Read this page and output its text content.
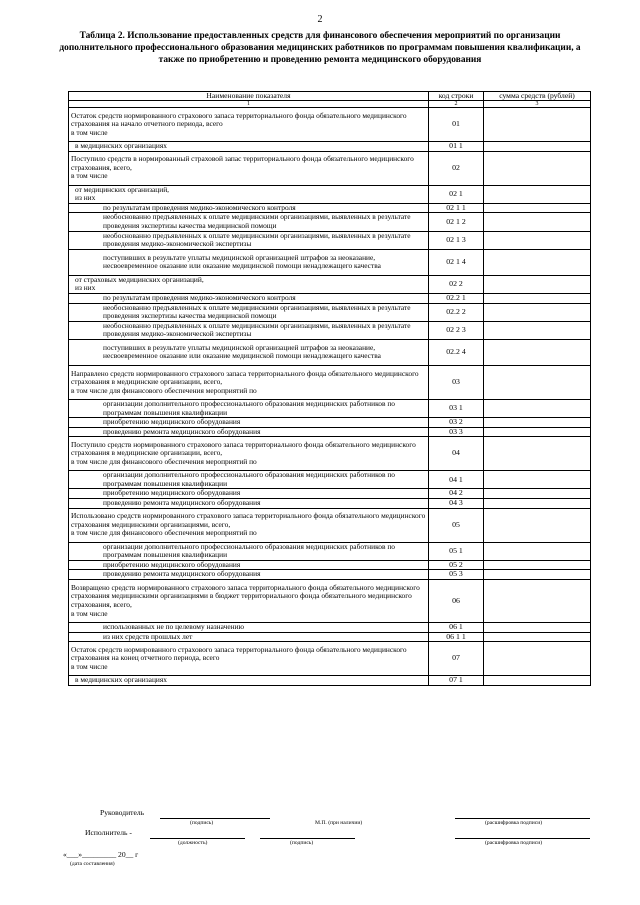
2
Таблица 2. Использование предоставленных средств для финансового обеспечения мероприятий по организации дополнительного профессионального образования медицинских работников по программам повышения квалификации, а также по приобретению и проведению ремонта медицинского оборудования
Наименование показателя	код строки	сумма средств (рублей)
1	2	3
Остаток средств нормированного страхового запаса территориального фонда обязательного медицинского страхования на начало отчетного периода, всего
в том числе	01	
в медицинских организациях	01 1	
Поступило средств в нормированный страховой запас территориального фонда обязательного медицинского страхования, всего,
в том числе	02	
от медицинских организаций,
из них	02 1	
по результатам проведения медико-экономического контроля	02 1 1	
необоснованно предъявленных к оплате медицинскими организациями, выявленных в результате проведения экспертизы качества медицинской помощи	02 1 2	
необоснованно предъявленных к оплате медицинскими организациями, выявленных в результате проведения медико-экономической экспертизы	02 1 3	
поступивших в результате уплаты медицинской организацией штрафов за неоказание, несвоевременное оказание или оказание медицинской помощи ненадлежащего качества	02 1 4	
от страховых медицинских организаций,
из них	02 2	
по результатам проведения медико-экономического контроля	02.2 1	
необоснованно предъявленных к оплате медицинскими организациями, выявленных в результате проведения экспертизы качества медицинской помощи	02.2 2	
необоснованно предъявленных к оплате медицинскими организациями, выявленных в результате проведения медико-экономической экспертизы	02 2 3	
поступивших в результате уплаты медицинской организацией штрафов за неоказание, несвоевременное оказание или оказание медицинской помощи ненадлежащего качества	02.2 4	
Направлено средств нормированного страхового запаса территориального фонда обязательного медицинского страхования в медицинские организации, всего,
в том числе для финансового обеспечения мероприятий по	03	
организации дополнительного профессионального образования медицинских работников по программам повышения квалификации	03 1	
приобретению медицинского оборудования	03 2	
проведению ремонта медицинского оборудования	03 3	
Поступило средств нормированного страхового запаса территориального фонда обязательного медицинского страхования в медицинские организации, всего,
в том числе для финансового обеспечения мероприятий по	04	
организации дополнительного профессионального образования медицинских работников по программам повышения квалификации	04 1	
приобретению медицинского оборудования	04 2	
проведению ремонта медицинского оборудования	04 3	
Использовано средств нормированного страхового запаса территориального фонда обязательного медицинского страхования медицинскими организациями, всего,
в том числе для финансового обеспечения мероприятий по	05	
организации дополнительного профессионального образования медицинских работников по программам повышения квалификации	05 1	
приобретению медицинского оборудования	05 2	
проведению ремонта медицинского оборудования	05 3	
Возвращено средств нормированного страхового запаса территориального фонда обязательного медицинского страхования медицинскими организациями в бюджет территориального фонда обязательного медицинского страхования, всего,
в том числе	06	
использованных не по целевому назначению	06 1	
из них средств прошлых лет	06 1 1	
Остаток средств нормированного страхового запаса территориального фонда обязательного медицинского страхования на конец отчетного периода, всего
в том числе	07	
в медицинских организациях	07 1	
Руководитель
(подпись)	М.П. (при наличии)	(расшифровка подписи)
Исполнитель -
(должность)	(подпись)	(расшифровка подписи)
«___»_________ 20__ г
(дата составления)
